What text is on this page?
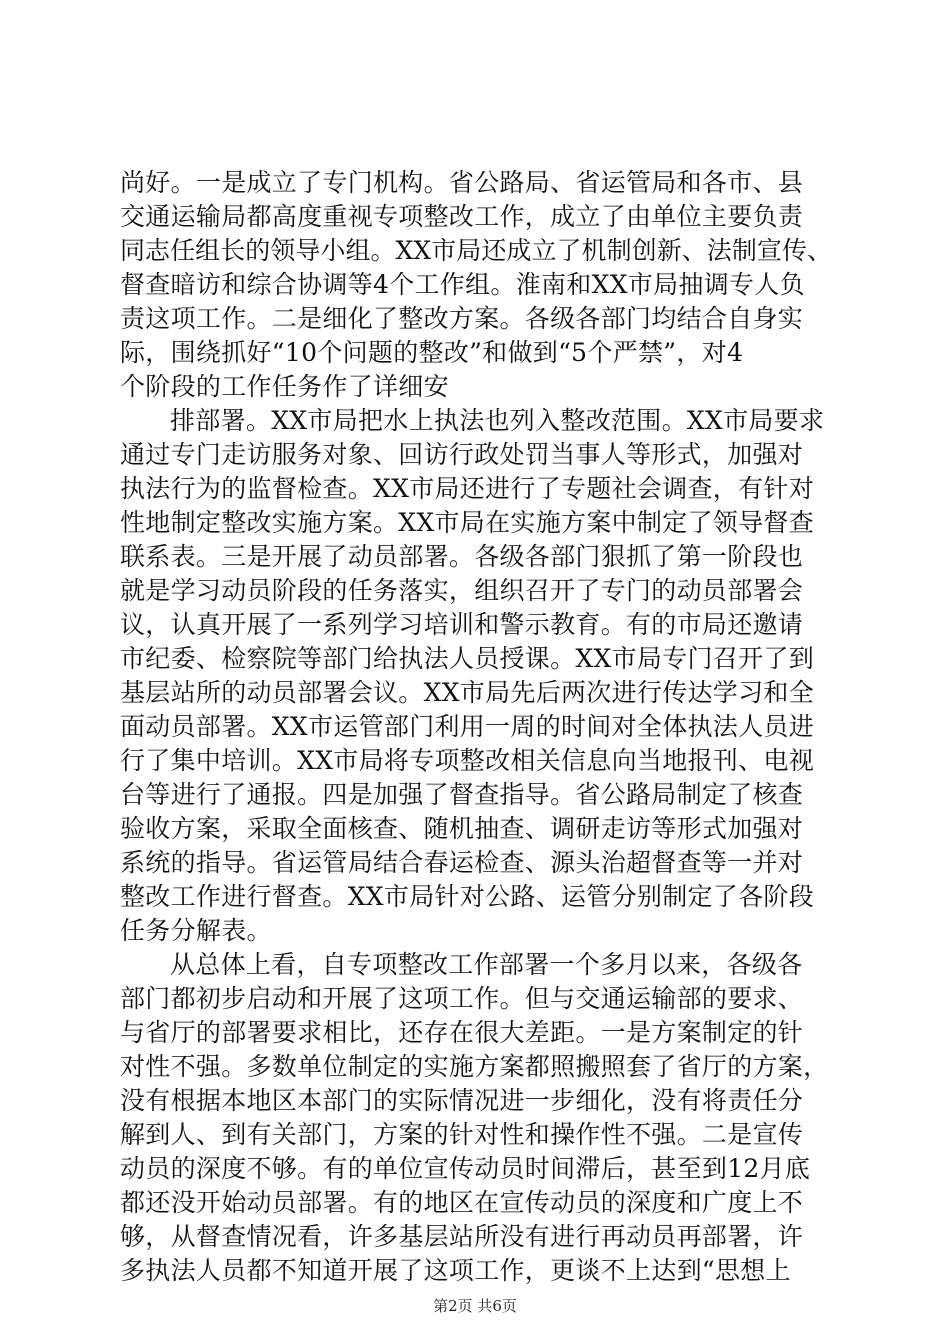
尚好。一是成立了专门机构。省公路局、省运管局和各市、县
交通运输局都高度重视专项整改工作，成立了由单位主要负责
同志任组长的领导小组。XX市局还成立了机制创新、法制宣传、
督查暗访和综合协调等4个工作组。淮南和XX市局抽调专人负
责这项工作。二是细化了整改方案。各级各部门均结合自身实
际，围绕抓好“10个问题的整改”和做到“5个严禁”，对4
个阶段的工作任务作了详细安
排部署。XX市局把水上执法也列入整改范围。XX市局要求
通过专门走访服务对象、回访行政处罚当事人等形式，加强对
执法行为的监督检查。XX市局还进行了专题社会调查，有针对
性地制定整改实施方案。XX市局在实施方案中制定了领导督查
联系表。三是开展了动员部署。各级各部门狠抓了第一阶段也
就是学习动员阶段的任务落实，组织召开了专门的动员部署会
议，认真开展了一系列学习培训和警示教育。有的市局还邀请
市纪委、检察院等部门给执法人员授课。XX市局专门召开了到
基层站所的动员部署会议。XX市局先后两次进行传达学习和全
面动员部署。XX市运管部门利用一周的时间对全体执法人员进
行了集中培训。XX市局将专项整改相关信息向当地报刊、电视
台等进行了通报。四是加强了督查指导。省公路局制定了核查
验收方案，采取全面核查、随机抽查、调研走访等形式加强对
系统的指导。省运管局结合春运检查、源头治超督查等一并对
整改工作进行督查。XX市局针对公路、运管分别制定了各阶段
任务分解表。
从总体上看，自专项整改工作部署一个多月以来，各级各
部门都初步启动和开展了这项工作。但与交通运输部的要求、
与省厅的部署要求相比，还存在很大差距。一是方案制定的针
对性不强。多数单位制定的实施方案都照搬照套了省厅的方案，
没有根据本地区本部门的实际情况进一步细化，没有将责任分
解到人、到有关部门，方案的针对性和操作性不强。二是宣传
动员的深度不够。有的单位宣传动员时间滞后，甚至到12月底
都还没开始动员部署。有的地区在宣传动员的深度和广度上不
够，从督查情况看，许多基层站所没有进行再动员再部署，许
多执法人员都不知道开展了这项工作，更谈不上达到“思想上
第2页 共6页
